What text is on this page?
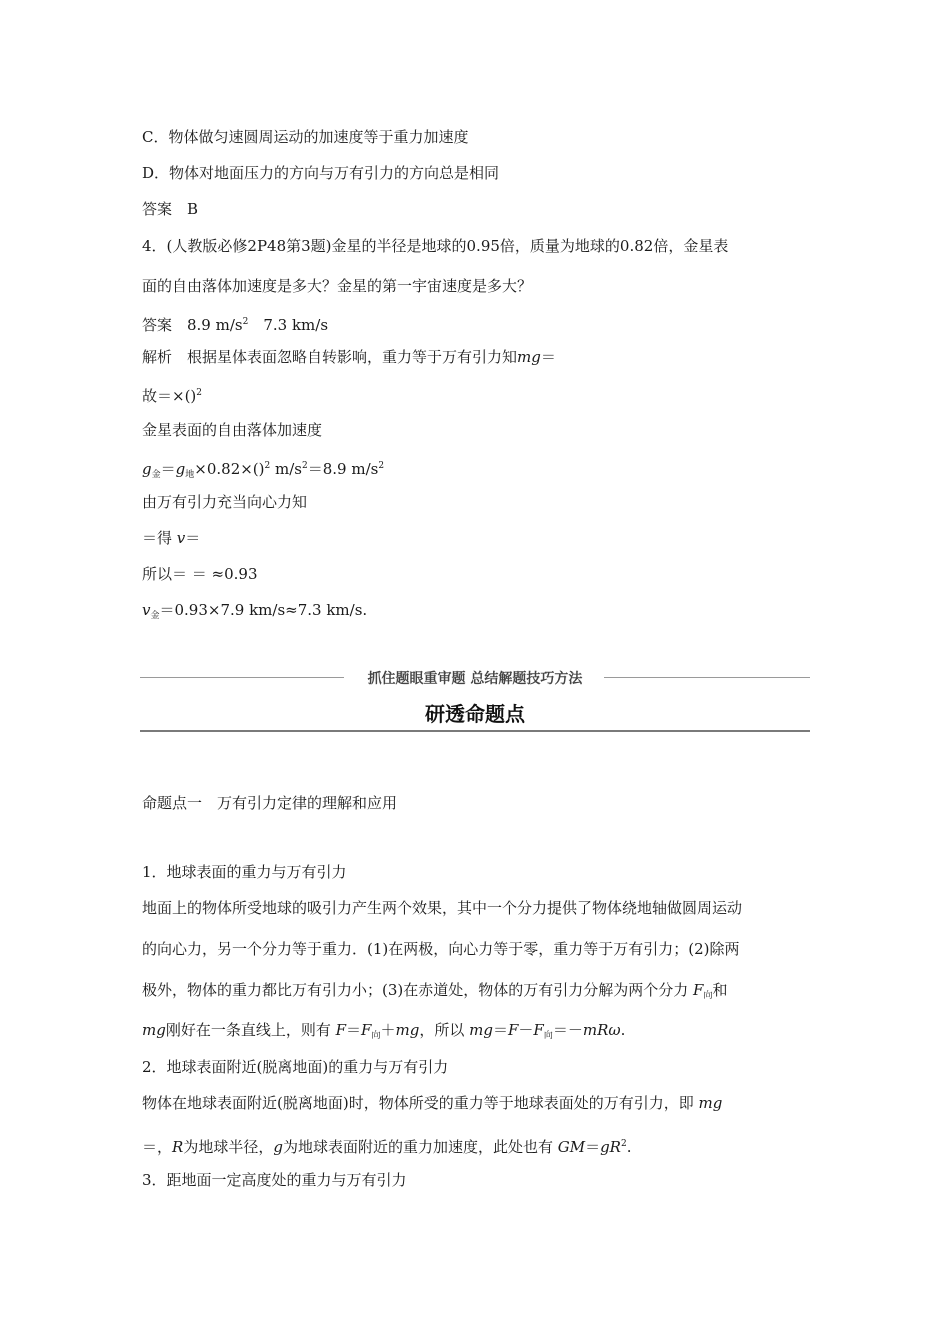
C．物体做匀速圆周运动的加速度等于重力加速度
D．物体对地面压力的方向与万有引力的方向总是相同
答案　B
4．(人教版必修2P48第3题)金星的半径是地球的0.95倍，质量为地球的0.82倍，金星表
面的自由落体加速度是多大？金星的第一宇宙速度是多大？
答案　8.9 $m/s^2$　7.3 km/s
解析　根据星体表面忽略自转影响，重力等于万有引力知mg＝
故＝×()$^2$
金星表面的自由落体加速度
$g_金=g_地\times 0.82\times()^2$ $m/s^2=8.9$ $m/s^2$
由万有引力充当向心力知
＝得 v＝
所以＝ ＝ ≈0.93
$v_金=0.93\times 7.9$ km/s≈7.3 km/s.
抓住题眼重审题 总结解题技巧方法
研透命题点
命题点一　万有引力定律的理解和应用
1．地球表面的重力与万有引力
地面上的物体所受地球的吸引力产生两个效果，其中一个分力提供了物体绕地轴做圆周运动
的向心力，另一个分力等于重力．(1)在两极，向心力等于零，重力等于万有引力；(2)除两
极外，物体的重力都比万有引力小；(3)在赤道处，物体的万有引力分解为两个分力 $F_向$和
mg刚好在一条直线上，则有 $F=F_向+mg$，所以 $mg=F-F_向=-mR\omega$.
2．地球表面附近(脱离地面)的重力与万有引力
物体在地球表面附近(脱离地面)时，物体所受的重力等于地球表面处的万有引力，即 mg
＝，R为地球半径，g为地球表面附近的重力加速度，此处也有 $GM=gR^2$.
3．距地面一定高度处的重力与万有引力
